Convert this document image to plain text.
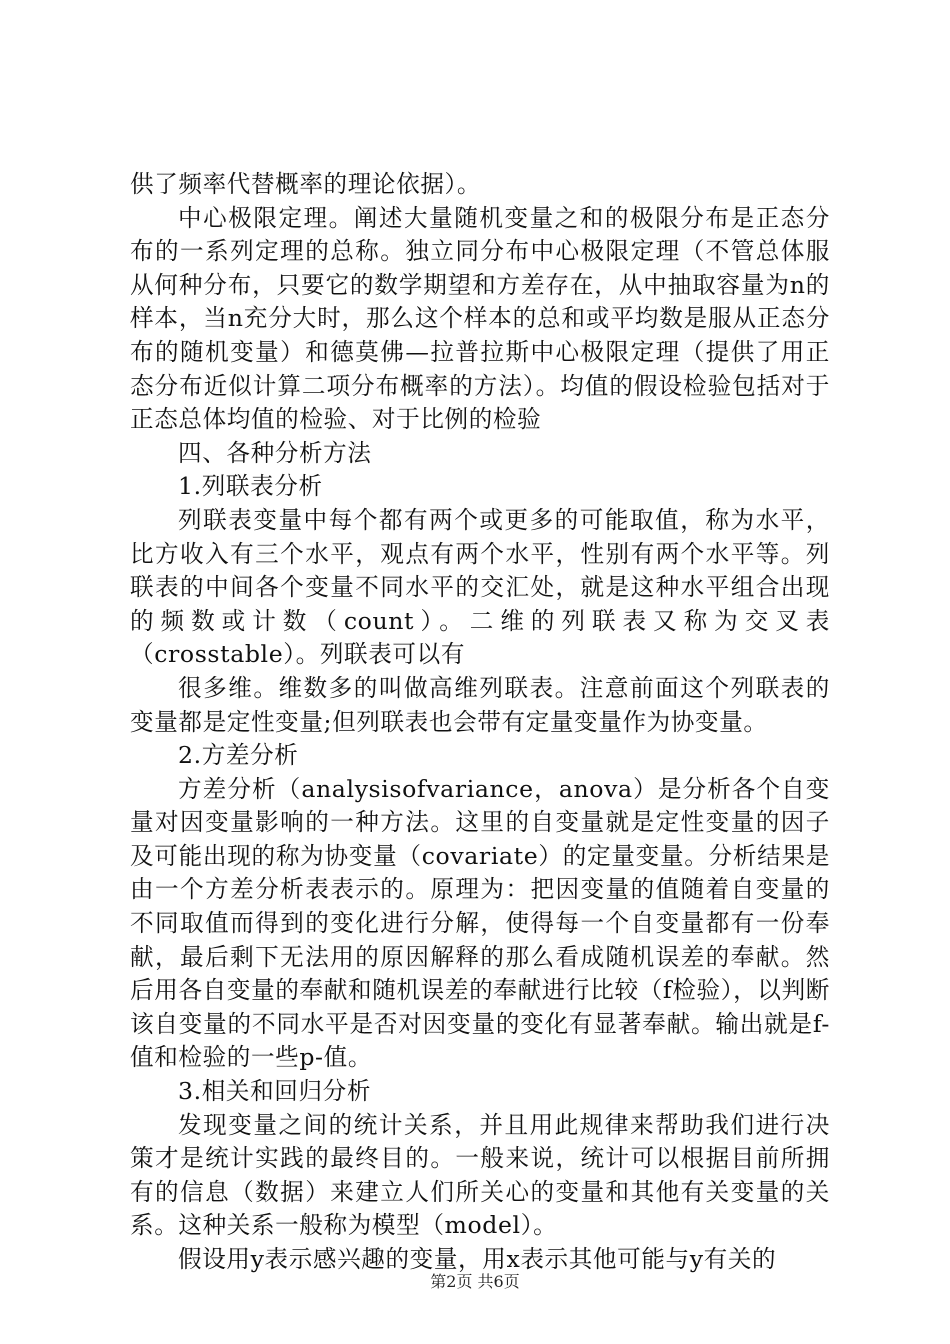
供了频率代替概率的理论依据）。

中心极限定理。阐述大量随机变量之和的极限分布是正态分布的一系列定理的总称。独立同分布中心极限定理（不管总体服从何种分布，只要它的数学期望和方差存在，从中抽取容量为n的样本，当n充分大时，那么这个样本的总和或平均数是服从正态分布的随机变量）和德莫佛—拉普拉斯中心极限定理（提供了用正态分布近似计算二项分布概率的方法）。均值的假设检验包括对于正态总体均值的检验、对于比例的检验

四、各种分析方法

1.列联表分析

列联表变量中每个都有两个或更多的可能取值，称为水平，比方收入有三个水平，观点有两个水平，性别有两个水平等。列联表的中间各个变量不同水平的交汇处，就是这种水平组合出现的频数或计数（count）。二维的列联表又称为交叉表（crosstable）。列联表可以有

很多维。维数多的叫做高维列联表。注意前面这个列联表的变量都是定性变量;但列联表也会带有定量变量作为协变量。

2.方差分析

方差分析（analysisofvariance，anova）是分析各个自变量对因变量影响的一种方法。这里的自变量就是定性变量的因子及可能出现的称为协变量（covariate）的定量变量。分析结果是由一个方差分析表表示的。原理为：把因变量的值随着自变量的不同取值而得到的变化进行分解，使得每一个自变量都有一份奉献，最后剩下无法用的原因解释的那么看成随机误差的奉献。然后用各自变量的奉献和随机误差的奉献进行比较（f检验），以判断该自变量的不同水平是否对因变量的变化有显著奉献。输出就是f-值和检验的一些p-值。

3.相关和回归分析

发现变量之间的统计关系，并且用此规律来帮助我们进行决策才是统计实践的最终目的。一般来说，统计可以根据目前所拥有的信息（数据）来建立人们所关心的变量和其他有关变量的关系。这种关系一般称为模型（model）。

假设用y表示感兴趣的变量，用x表示其他可能与y有关的

第2页 共6页
